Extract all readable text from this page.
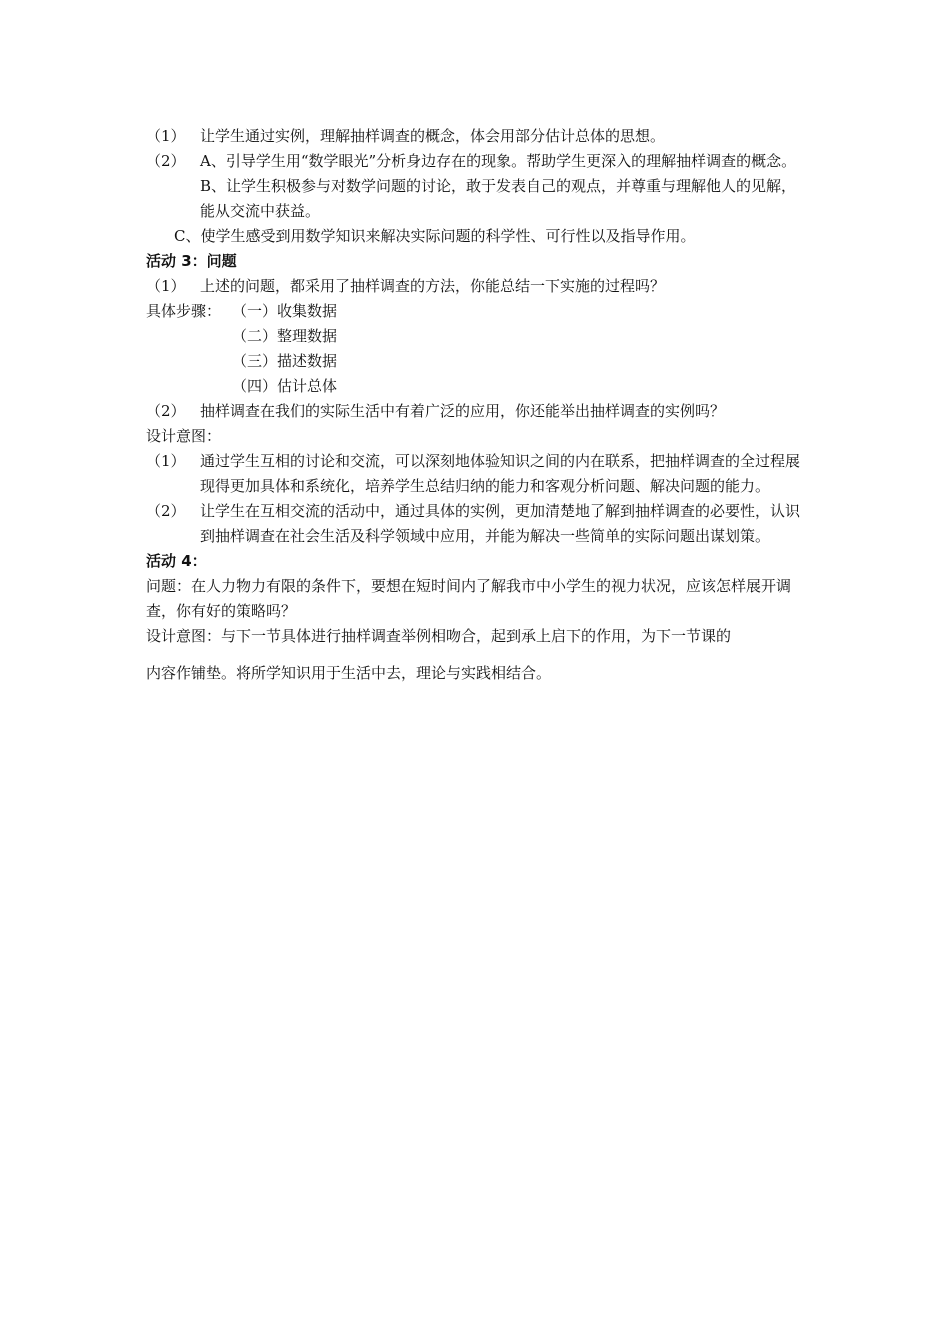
（1） 让学生通过实例，理解抽样调查的概念，体会用部分估计总体的思想。
（2） A、引导学生用“数学眼光”分析身边存在的现象。帮助学生更深入的理解抽样调查的概念。

B、让学生积极参与对数学问题的讨论，敢于发表自己的观点，并尊重与理解他人的见解，能从交流中获益。

C、使学生感受到用数学知识来解决实际问题的科学性、可行性以及指导作用。

活动 3：问题

（1） 上述的问题，都采用了抽样调查的方法，你能总结一下实施的过程吗？
具体步骤： （一）收集数据

（二）整理数据

（三）描述数据

（四）估计总体

（2） 抽样调查在我们的实际生活中有着广泛的应用，你还能举出抽样调查的实例吗？

设计意图：

（1） 通过学生互相的讨论和交流，可以深刻地体验知识之间的内在联系，把抽样调查的全过程展现得更加具体和系统化，培养学生总结归纳的能力和客观分析问题、解决问题的能力。
（2） 让学生在互相交流的活动中，通过具体的实例，更加清楚地了解到抽样调查的必要性，认识到抽样调查在社会生活及科学领域中应用，并能为解决一些简单的实际问题出谋划策。

活动 4：

问题：在人力物力有限的条件下，要想在短时间内了解我市中小学生的视力状况，应该怎样展开调查，你有好的策略吗？

设计意图：与下一节具体进行抽样调查举例相吻合，起到承上启下的作用，为下一节课的

内容作铺垫。将所学知识用于生活中去，理论与实践相结合。
